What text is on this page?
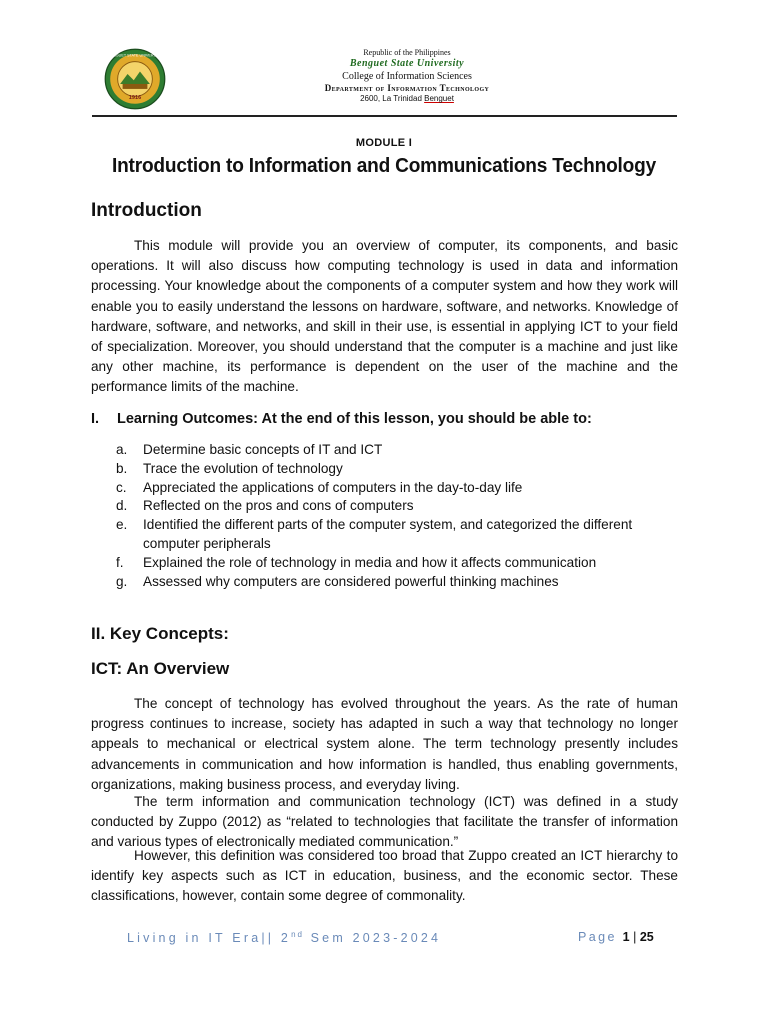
1916
BENGUET STATE UNIVERSITY	Republic of the Philippines
Benguet State University
College of Information Sciences
Department of Information Technology
2600, La Trinidad Benguet
MODULE I
Introduction to Information and Communications Technology
Introduction

This module will provide you an overview of computer, its components, and basic operations. It will also discuss how computing technology is used in data and information processing. Your knowledge about the components of a computer system and how they work will enable you to easily understand the lessons on hardware, software, and networks. Knowledge of hardware, software, and networks, and skill in their use, is essential in applying ICT to your field of specialization. Moreover, you should understand that the computer is a machine and just like any other machine, its performance is dependent on the user of the machine and the performance limits of the machine.

I. Learning Outcomes: At the end of this lesson, you should be able to:
a. Determine basic concepts of IT and ICT
b. Trace the evolution of technology
c. Appreciated the applications of computers in the day-to-day life
d. Reflected on the pros and cons of computers
e. Identified the different parts of the computer system, and categorized the different computer peripherals
f. Explained the role of technology in media and how it affects communication
g. Assessed why computers are considered powerful thinking machines
II. Key Concepts:
ICT: An Overview

The concept of technology has evolved throughout the years. As the rate of human progress continues to increase, society has adapted in such a way that technology no longer appeals to mechanical or electrical system alone. The term technology presently includes advancements in communication and how information is handled, thus enabling governments, organizations, making business process, and everyday living.

The term information and communication technology (ICT) was defined in a study conducted by Zuppo (2012) as “related to technologies that facilitate the transfer of information and various types of electronically mediated communication.”

However, this definition was considered too broad that Zuppo created an ICT hierarchy to identify key aspects such as ICT in education, business, and the economic sector. These classifications, however, contain some degree of commonality.

Living in IT Era|| 2nd Sem 2023-2024	Page 1 | 25
